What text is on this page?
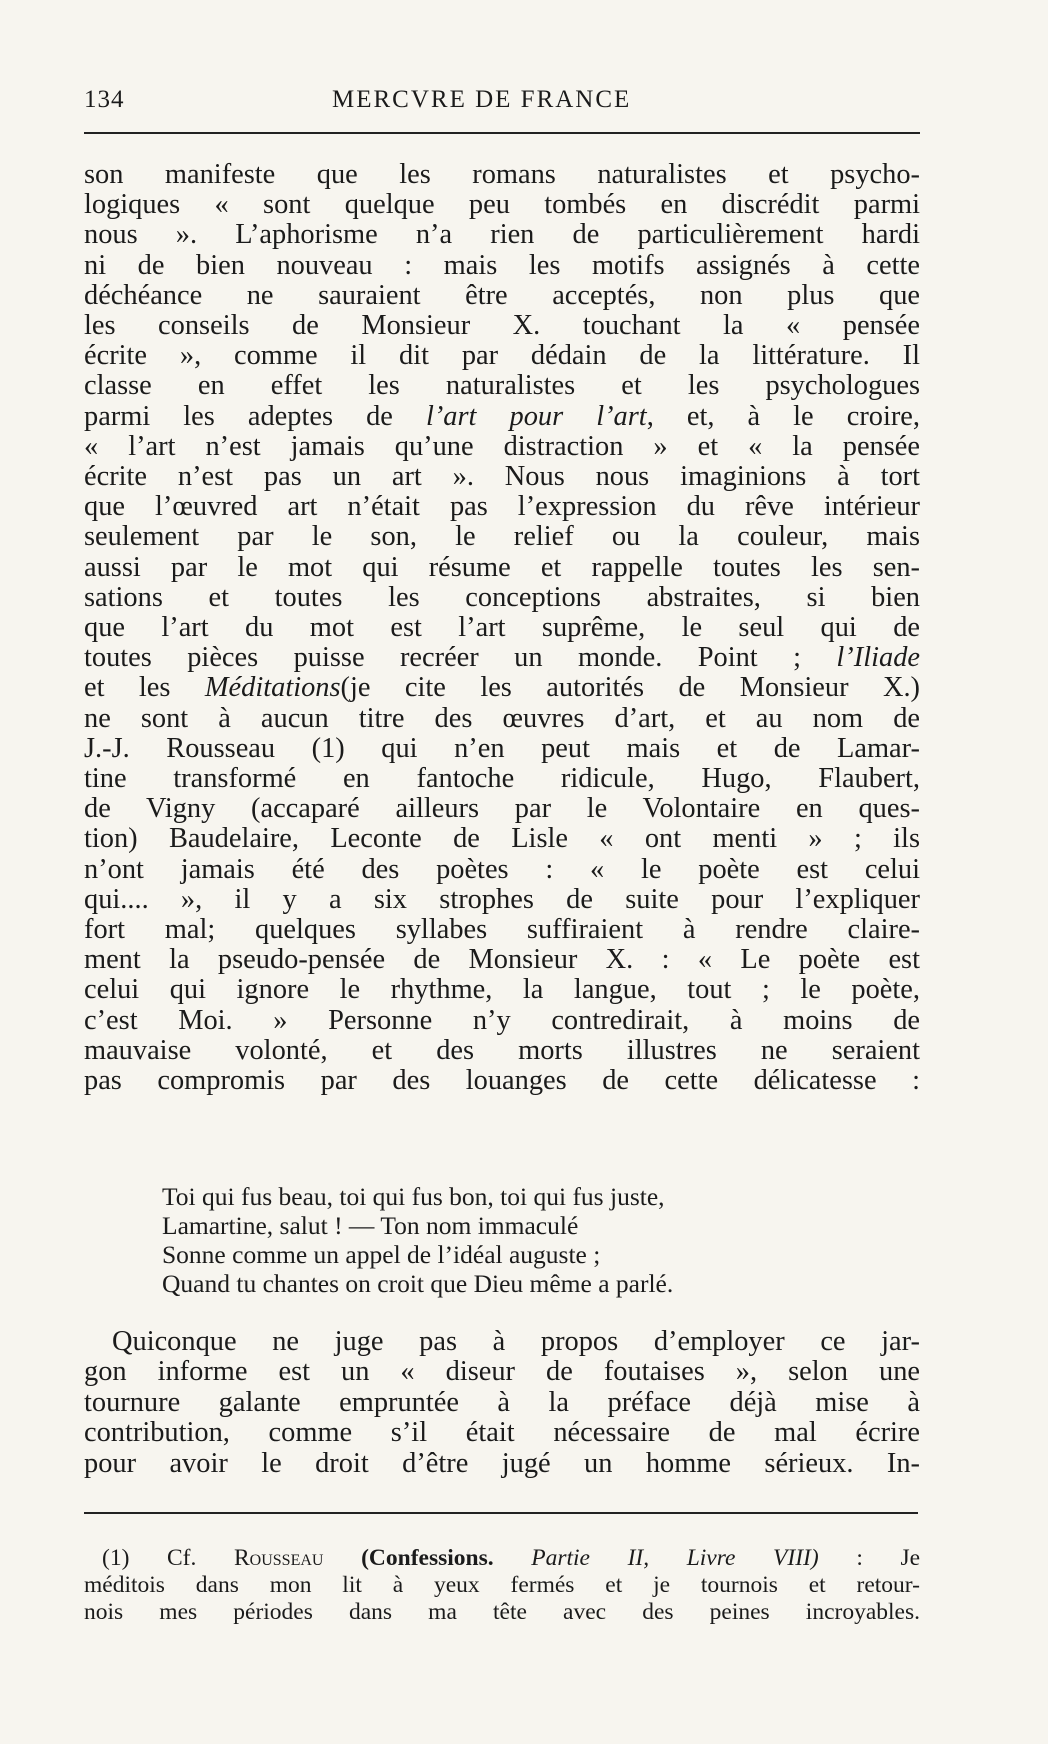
134	MERCVRE DE FRANCE
son manifeste que les romans naturalistes et psycho-
logiques « sont quelque peu tombés en discrédit parmi
nous ». L’aphorisme n’a rien de particulièrement hardi
ni de bien nouveau : mais les motifs assignés à cette
déchéance ne sauraient être acceptés, non plus que
les conseils de Monsieur X. touchant la « pensée
écrite », comme il dit par dédain de la littérature. Il
classe en effet les naturalistes et les psychologues
parmi les adeptes de l’art pour l’art, et, à le croire,
« l’art n’est jamais qu’une distraction » et « la pensée
écrite n’est pas un art ». Nous nous imaginions à tort
que l’œuvred art n’était pas l’expression du rêve intérieur
seulement par le son, le relief ou la couleur, mais
aussi par le mot qui résume et rappelle toutes les sen-
sations et toutes les conceptions abstraites, si bien
que l’art du mot est l’art suprême, le seul qui de
toutes pièces puisse recréer un monde. Point ; l’Iliade
et les Méditations(je cite les autorités de Monsieur X.)
ne sont à aucun titre des œuvres d’art, et au nom de
J.-J. Rousseau (1) qui n’en peut mais et de Lamar-
tine transformé en fantoche ridicule, Hugo, Flaubert,
de Vigny (accaparé ailleurs par le Volontaire en ques-
tion) Baudelaire, Leconte de Lisle « ont menti » ; ils
n’ont jamais été des poètes : « le poète est celui
qui.... », il y a six strophes de suite pour l’expliquer
fort mal; quelques syllabes suffiraient à rendre claire-
ment la pseudo-pensée de Monsieur X. : « Le poète est
celui qui ignore le rhythme, la langue, tout ; le poète,
c’est Moi. » Personne n’y contredirait, à moins de
mauvaise volonté, et des morts illustres ne seraient
pas compromis par des louanges de cette délicatesse :
Toi qui fus beau, toi qui fus bon, toi qui fus juste,
Lamartine, salut ! — Ton nom immaculé
Sonne comme un appel de l’idéal auguste ;
Quand tu chantes on croit que Dieu même a parlé.
Quiconque ne juge pas à propos d’employer ce jar-
gon informe est un « diseur de foutaises », selon une
tournure galante empruntée à la préface déjà mise à
contribution, comme s’il était nécessaire de mal écrire
pour avoir le droit d’être jugé un homme sérieux. In-
(1) Cf. Rousseau (Confessions. Partie II, Livre VIII) : Je
méditois dans mon lit à yeux fermés et je tournois et retour-
nois mes périodes dans ma tête avec des peines incroyables.
